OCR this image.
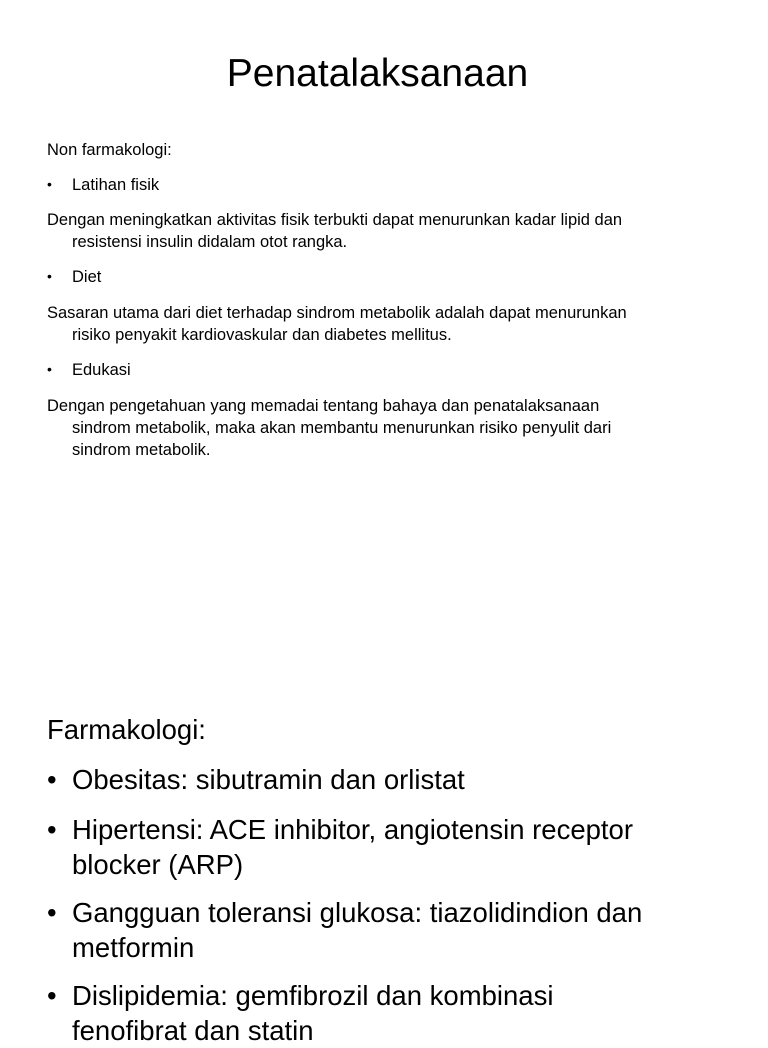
Penatalaksanaan
Non farmakologi:
• Latihan fisik
Dengan meningkatkan aktivitas fisik terbukti dapat menurunkan kadar lipid dan
resistensi insulin didalam otot rangka.
• Diet
Sasaran utama dari diet terhadap sindrom metabolik adalah dapat menurunkan
risiko penyakit kardiovaskular dan diabetes mellitus.
• Edukasi
Dengan pengetahuan yang memadai tentang bahaya dan penatalaksanaan
sindrom metabolik, maka akan membantu menurunkan risiko penyulit dari
sindrom metabolik.
Farmakologi:
• Obesitas: sibutramin dan orlistat
• Hipertensi: ACE inhibitor, angiotensin receptor
blocker (ARP)
• Gangguan toleransi glukosa: tiazolidindion dan
metformin
• Dislipidemia: gemfibrozil dan kombinasi
fenofibrat dan statin
